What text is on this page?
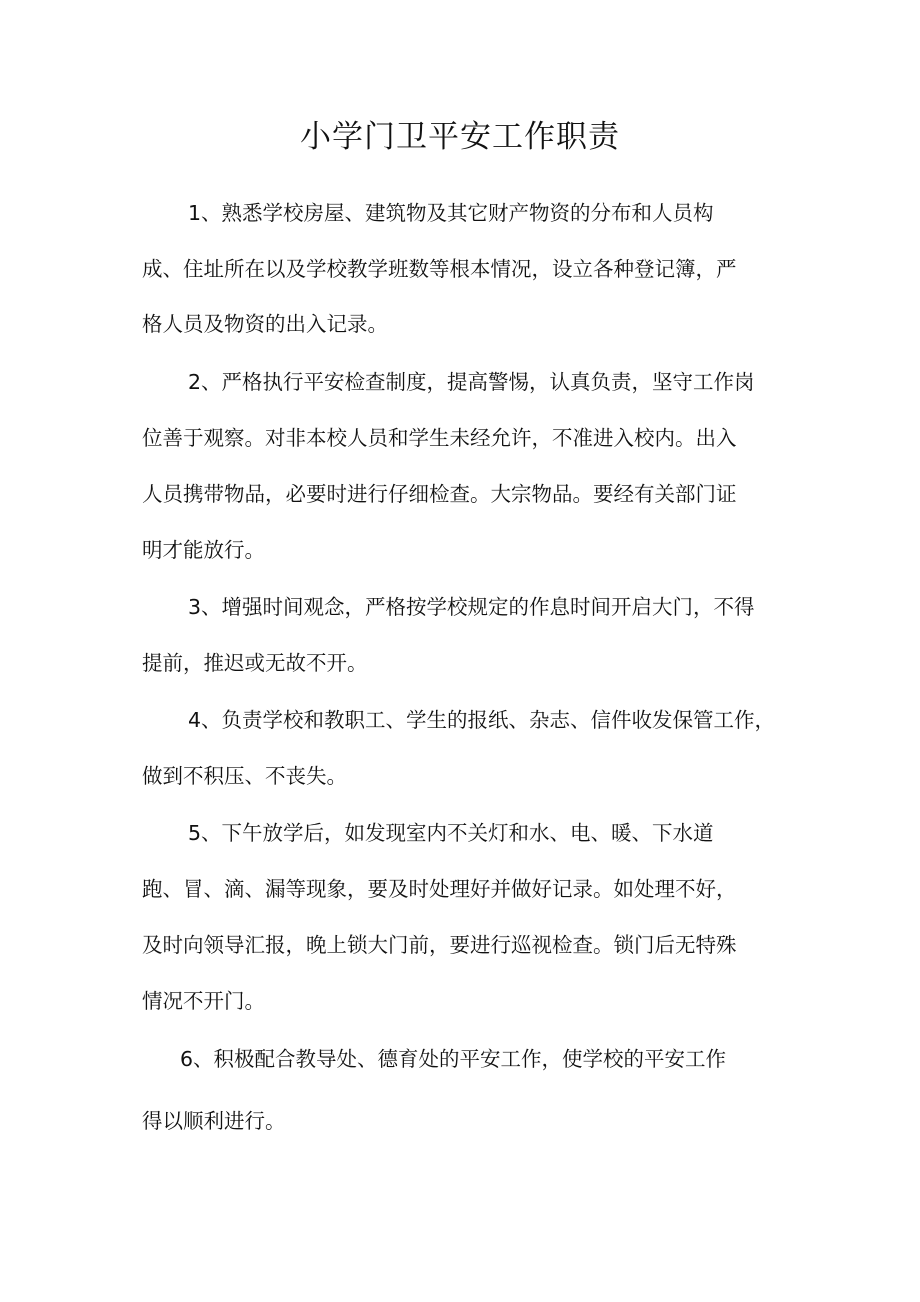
小学门卫平安工作职责
1、熟悉学校房屋、建筑物及其它财产物资的分布和人员构
成、住址所在以及学校教学班数等根本情况，设立各种登记簿，严
格人员及物资的出入记录。
2、严格执行平安检查制度，提高警惕，认真负责，坚守工作岗
位善于观察。对非本校人员和学生未经允许，不准进入校内。出入
人员携带物品，必要时进行仔细检查。大宗物品。要经有关部门证
明才能放行。
3、增强时间观念，严格按学校规定的作息时间开启大门，不得
提前，推迟或无故不开。
4、负责学校和教职工、学生的报纸、杂志、信件收发保管工作，
做到不积压、不丧失。
5、下午放学后，如发现室内不关灯和水、电、暖、下水道
跑、冒、滴、漏等现象，要及时处理好并做好记录。如处理不好，
及时向领导汇报，晚上锁大门前，要进行巡视检查。锁门后无特殊
情况不开门。
6、积极配合教导处、德育处的平安工作，使学校的平安工作
得以顺利进行。
